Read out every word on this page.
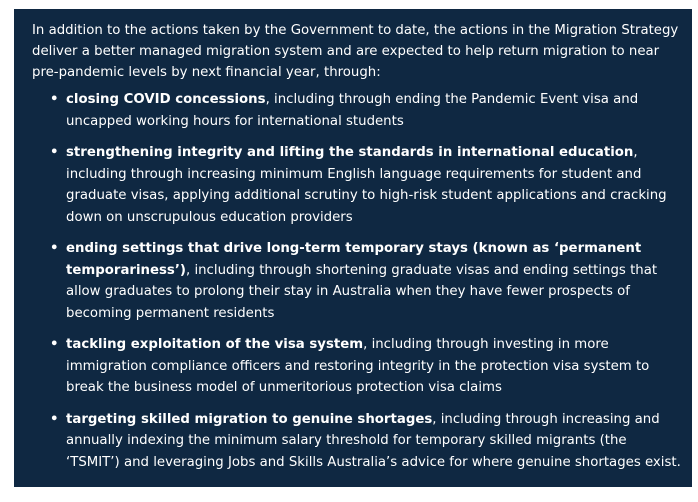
In addition to the actions taken by the Government to date, the actions in the Migration Strategy deliver a better managed migration system and are expected to help return migration to near pre-pandemic levels by next financial year, through:

• closing COVID concessions, including through ending the Pandemic Event visa and uncapped working hours for international students
• strengthening integrity and lifting the standards in international education, including through increasing minimum English language requirements for student and graduate visas, applying additional scrutiny to high-risk student applications and cracking down on unscrupulous education providers
• ending settings that drive long-term temporary stays (known as ‘permanent temporariness’), including through shortening graduate visas and ending settings that allow graduates to prolong their stay in Australia when they have fewer prospects of becoming permanent residents
• tackling exploitation of the visa system, including through investing in more immigration compliance officers and restoring integrity in the protection visa system to break the business model of unmeritorious protection visa claims
• targeting skilled migration to genuine shortages, including through increasing and annually indexing the minimum salary threshold for temporary skilled migrants (the ‘TSMIT’) and leveraging Jobs and Skills Australia’s advice for where genuine shortages exist.
